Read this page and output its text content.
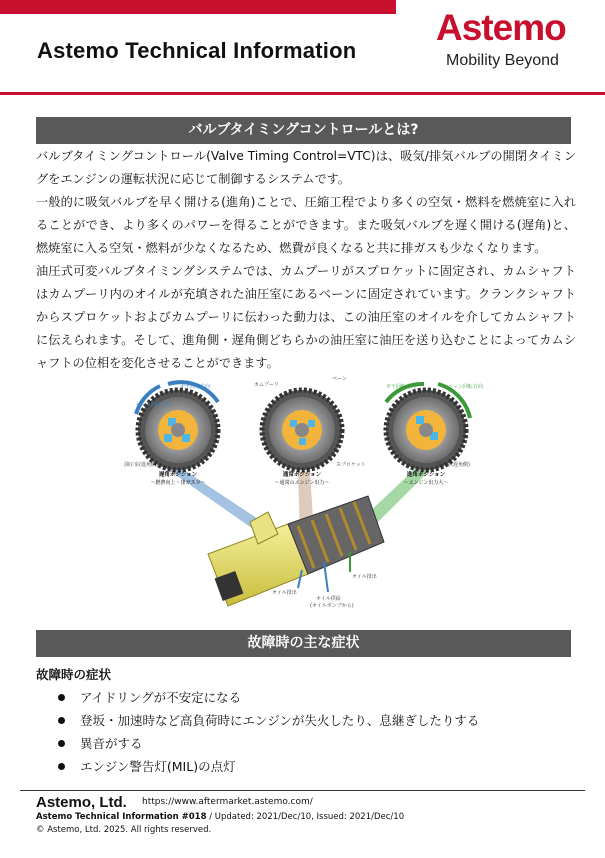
Astemo Technical Information
Astemo
Mobility Beyond
バルブタイミングコントロールとは?
バルブタイミングコントロール(Valve Timing Control=VTC)は、吸気/排気バルブの開閉タイミングをエンジンの運転状況に応じて制御するシステムです。
一般的に吸気バルブを早く開ける(進角)ことで、圧縮工程でより多くの空気・燃料を燃焼室に入れることができ、より多くのパワーを得ることができます。また吸気バルブを遅く開ける(遅角)と、燃焼室に入る空気・燃料が少なくなるため、燃費が良くなると共に排ガスも少なくなります。
油圧式可変バルブタイミングシステムでは、カムプーリがスプロケットに固定され、カムシャフトはカムプーリ内のオイルが充填された油圧室にあるベーンに固定されています。クランクシャフトからスプロケットおよびカムプーリに伝わった動力は、この油圧室のオイルを介してカムシャフトに伝えられます。そして、進角側・遅角側どちらかの油圧室に油圧を送り込むことによってカムシャフトの位相を変化させることができます。
ベーン回転方向
ギヤ回転方向	ギヤ回転方向	ベーン回転方向
カムプーリ
ベーン
油圧室(進角側)	油圧室(遅角側)
スプロケット
遅角ポジション
～燃費向上・排ガス少～
通常ポジション
～通常のエンジン出力～
進角ポジション
～エンジン出力大～
オイル排出
オイル供給
(オイルポンプから)
オイル排出
故障時の主な症状
故障時の症状
アイドリングが不安定になる
登坂・加速時など高負荷時にエンジンが失火したり、息継ぎしたりする
異音がする
エンジン警告灯(MIL)の点灯
Astemo, Ltd. https://www.aftermarket.astemo.com/
Astemo Technical Information #018 / Updated: 2021/Dec/10, Issued: 2021/Dec/10
© Astemo, Ltd. 2025. All rights reserved.
